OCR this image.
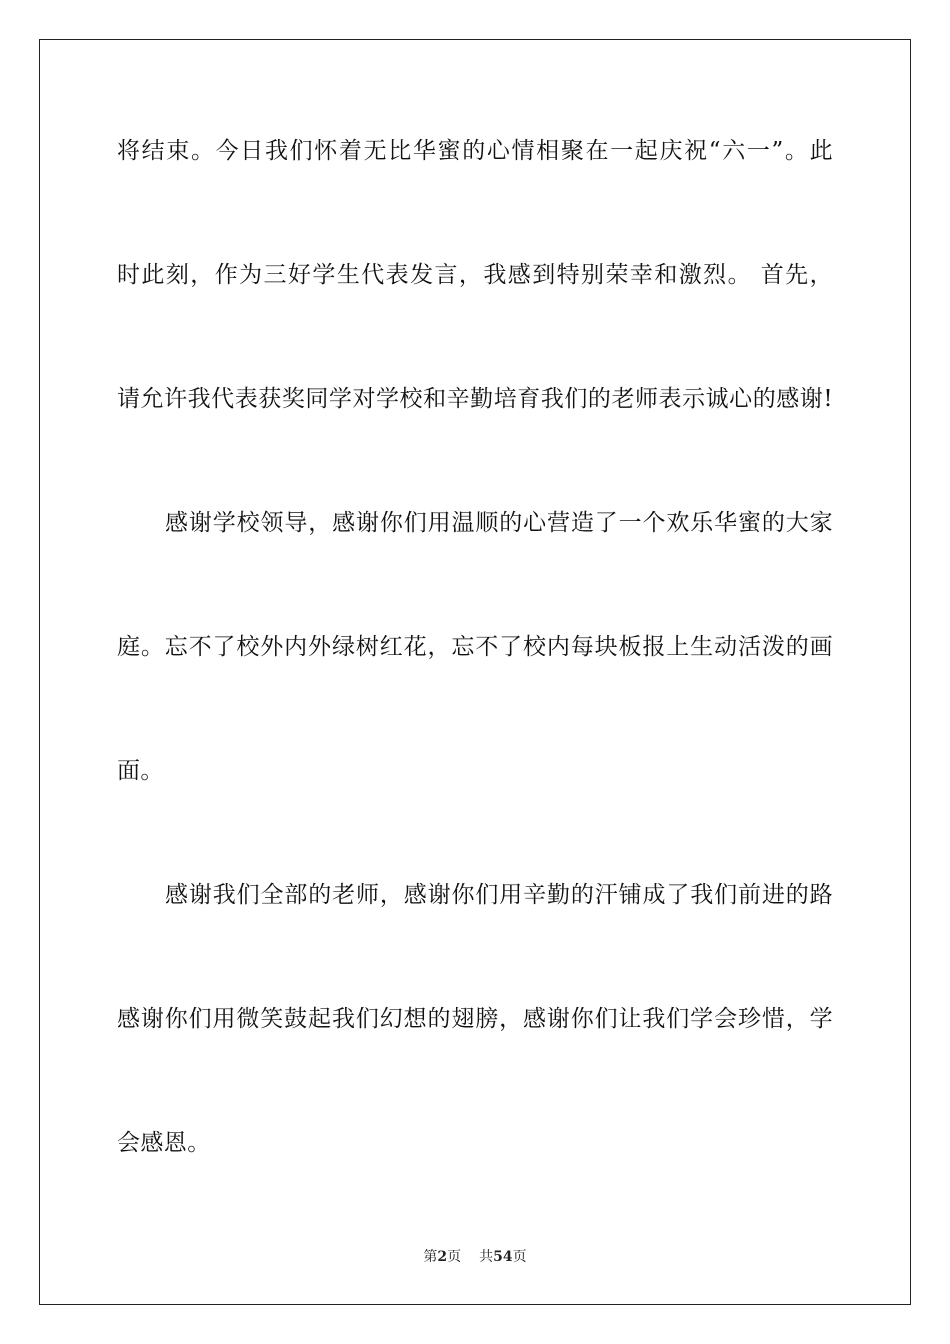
将结束。今日我们怀着无比华蜜的心情相聚在一起庆祝“六一”。此
时此刻，作为三好学生代表发言，我感到特别荣幸和激烈。 首先，
请允许我代表获奖同学对学校和辛勤培育我们的老师表示诚心的感谢!
感谢学校领导，感谢你们用温顺的心营造了一个欢乐华蜜的大家
庭。忘不了校外内外绿树红花，忘不了校内每块板报上生动活泼的画
面。
感谢我们全部的老师，感谢你们用辛勤的汗铺成了我们前进的路
感谢你们用微笑鼓起我们幻想的翅膀，感谢你们让我们学会珍惜，学
会感恩。
第2页 共54页
